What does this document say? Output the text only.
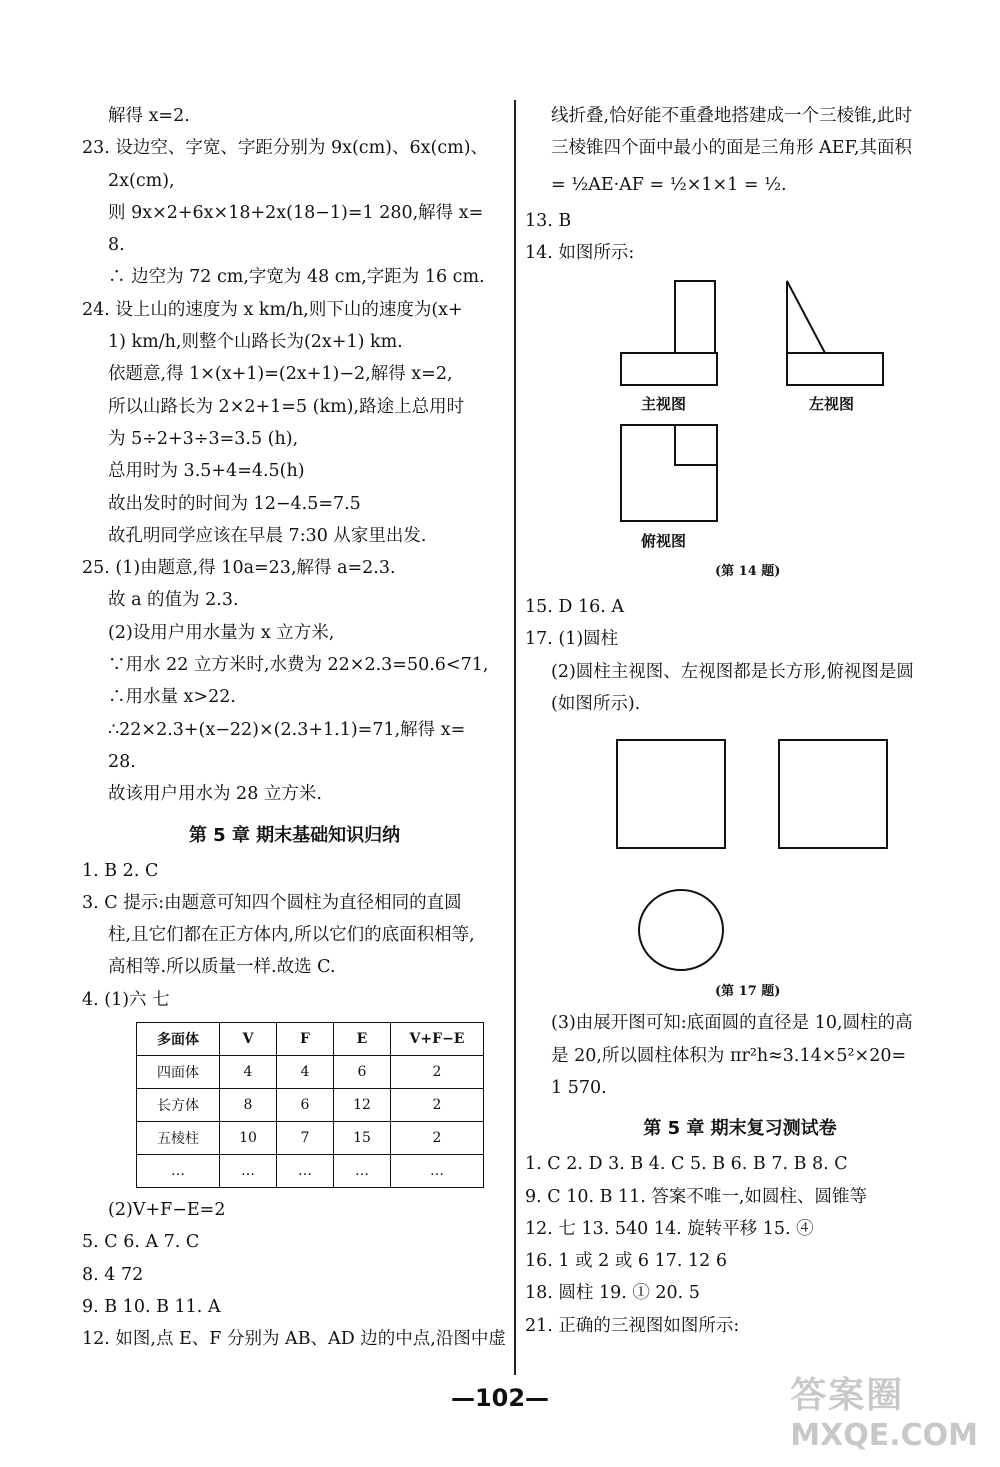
解得 x=2.
23. 设边空、字宽、字距分别为 9x(cm)、6x(cm)、
2x(cm),
则 9x×2+6x×18+2x(18−1)=1 280,解得 x=
8.
∴ 边空为 72 cm,字宽为 48 cm,字距为 16 cm.
24. 设上山的速度为 x km/h,则下山的速度为(x+
1) km/h,则整个山路长为(2x+1) km.
依题意,得 1×(x+1)=(2x+1)−2,解得 x=2,
所以山路长为 2×2+1=5 (km),路途上总用时
为 5÷2+3÷3=3.5 (h),
总用时为 3.5+4=4.5(h)
故出发时的时间为 12−4.5=7.5
故孔明同学应该在早晨 7:30 从家里出发.
25. (1)由题意,得 10a=23,解得 a=2.3.
故 a 的值为 2.3.
(2)设用户用水量为 x 立方米,
∵用水 22 立方米时,水费为 22×2.3=50.6<71,
∴用水量 x>22.
∴22×2.3+(x−22)×(2.3+1.1)=71,解得 x=
28.
故该用户用水为 28 立方米.
第 5 章 期末基础知识归纳
1. B 2. C
3. C 提示:由题意可知四个圆柱为直径相同的直圆
柱,且它们都在正方体内,所以它们的底面积相等,
高相等.所以质量一样.故选 C.
4. (1)六 七
多面体	V	F	E	V+F−E
四面体	4	4	6	2
长方体	8	6	12	2
五棱柱	10	7	15	2
…	…	…	…	…
(2)V+F−E=2
5. C 6. A 7. C
8. 4 72
9. B 10. B 11. A
12. 如图,点 E、F 分别为 AB、AD 边的中点,沿图中虚
线折叠,恰好能不重叠地搭建成一个三棱锥,此时
三棱锥四个面中最小的面是三角形 AEF,其面积
= ½AE·AF = ½×1×1 = ½.
13. B
14. 如图所示:
主视图	左视图
俯视图
(第 14 题)
15. D 16. A
17. (1)圆柱
(2)圆柱主视图、左视图都是长方形,俯视图是圆
(如图所示).
(第 17 题)
(3)由展开图可知:底面圆的直径是 10,圆柱的高
是 20,所以圆柱体积为 πr²h≈3.14×5²×20=
1 570.
第 5 章 期末复习测试卷
1. C 2. D 3. B 4. C 5. B 6. B 7. B 8. C
9. C 10. B 11. 答案不唯一,如圆柱、圆锥等
12. 七 13. 540 14. 旋转平移 15. ④
16. 1 或 2 或 6 17. 12 6
18. 圆柱 19. ① 20. 5
21. 正确的三视图如图所示:
—102—	答案圈
MXQE.COM
